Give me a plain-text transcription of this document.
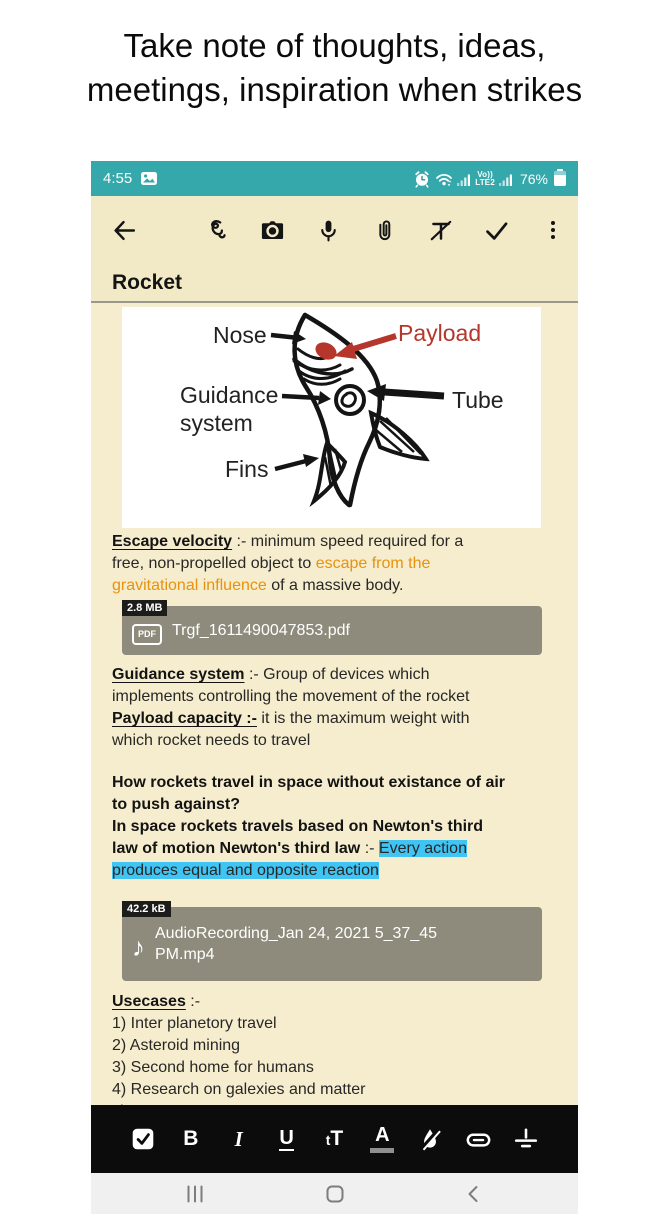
Take note of thoughts, ideas,
meetings, inspiration when strikes
4:55	Vo))
LTE2 76%
Rocket
Nose	Payload
Guidance
system
Tube
Fins
Escape velocity :- minimum speed required for a
free, non-propelled object to escape from the
gravitational influence of a massive body.
2.8 MB
PDF	Trgf_1611490047853.pdf
Guidance system :- Group of devices which
implements controlling the movement of the rocket
Payload capacity :- it is the maximum weight with
which rocket needs to travel
How rockets travel in space without existance of air
to push against?
In space rockets travels based on Newton's third
law of motion Newton's third law :- Every action
produces equal and opposite reaction
42.2 kB
♪ AudioRecording_Jan 24, 2021 5_37_45 PM.mp4
Usecases :-
1) Inter planetory travel
2) Asteroid mining
3) Second home for humans
4) Research on galexies and matter

B	I	U tT A
